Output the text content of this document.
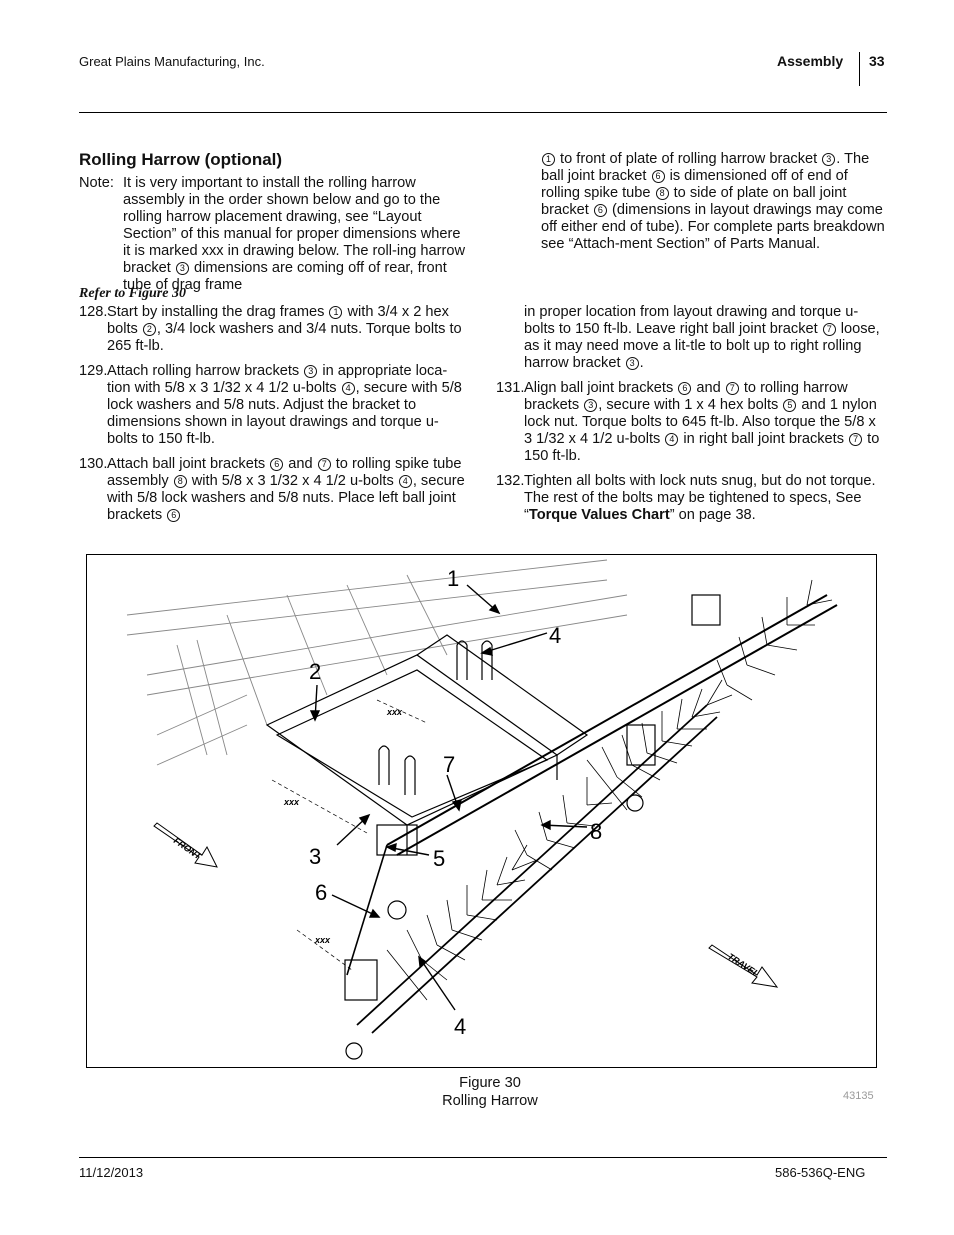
Great Plains Manufacturing, Inc.	Assembly 33
Rolling Harrow (optional)
Note: It is very important to install the rolling harrow assembly in the order shown below and go to the rolling harrow placement drawing, see “Layout Section” of this manual for proper dimensions where it is marked xxx in drawing below. The roll-ing harrow bracket 3 dimensions are coming off of rear, front tube of drag frame
1 to front of plate of rolling harrow bracket 3 . The ball joint bracket 6 is dimensioned off of end of rolling spike tube 8 to side of plate on ball joint bracket 6 (dimensions in layout drawings may come off either end of tube). For complete parts breakdown see “Attach-ment Section” of Parts Manual.
Refer to Figure 30
128. Start by installing the drag frames 1 with 3/4 x 2 hex bolts 2 , 3/4 lock washers and 3/4 nuts. Torque bolts to 265 ft-lb.
129. Attach rolling harrow brackets 3 in appropriate loca-tion with 5/8 x 3 1/32 x 4 1/2 u-bolts 4 , secure with 5/8 lock washers and 5/8 nuts. Adjust the bracket to dimensions shown in layout drawings and torque u-bolts to 150 ft-lb.
130. Attach ball joint brackets 6 and 7 to rolling spike tube assembly 8 with 5/8 x 3 1/32 x 4 1/2 u-bolts 4 , secure with 5/8 lock washers and 5/8 nuts. Place left ball joint brackets 6
in proper location from layout drawing and torque u-bolts to 150 ft-lb. Leave right ball joint bracket 7 loose, as it may need move a lit-tle to bolt up to right rolling harrow bracket 3 .
131. Align ball joint brackets 6 and 7 to rolling harrow brackets 3 , secure with 1 x 4 hex bolts 5 and 1 nylon lock nut. Torque bolts to 645 ft-lb. Also torque the 5/8 x 3 1/32 x 4 1/2 u-bolts 4 in right ball joint brackets 7 to 150 ft-lb.
132. Tighten all bolts with lock nuts snug, but do not torque. The rest of the bolts may be tightened to specs, See “Torque Values Chart” on page 38.
xxx
xxx
xxx
FRONT
TRAVEL
1
2
3
4
4
5
6
7
8
Figure 30
Rolling Harrow	43135
11/12/2013	586-536Q-ENG
